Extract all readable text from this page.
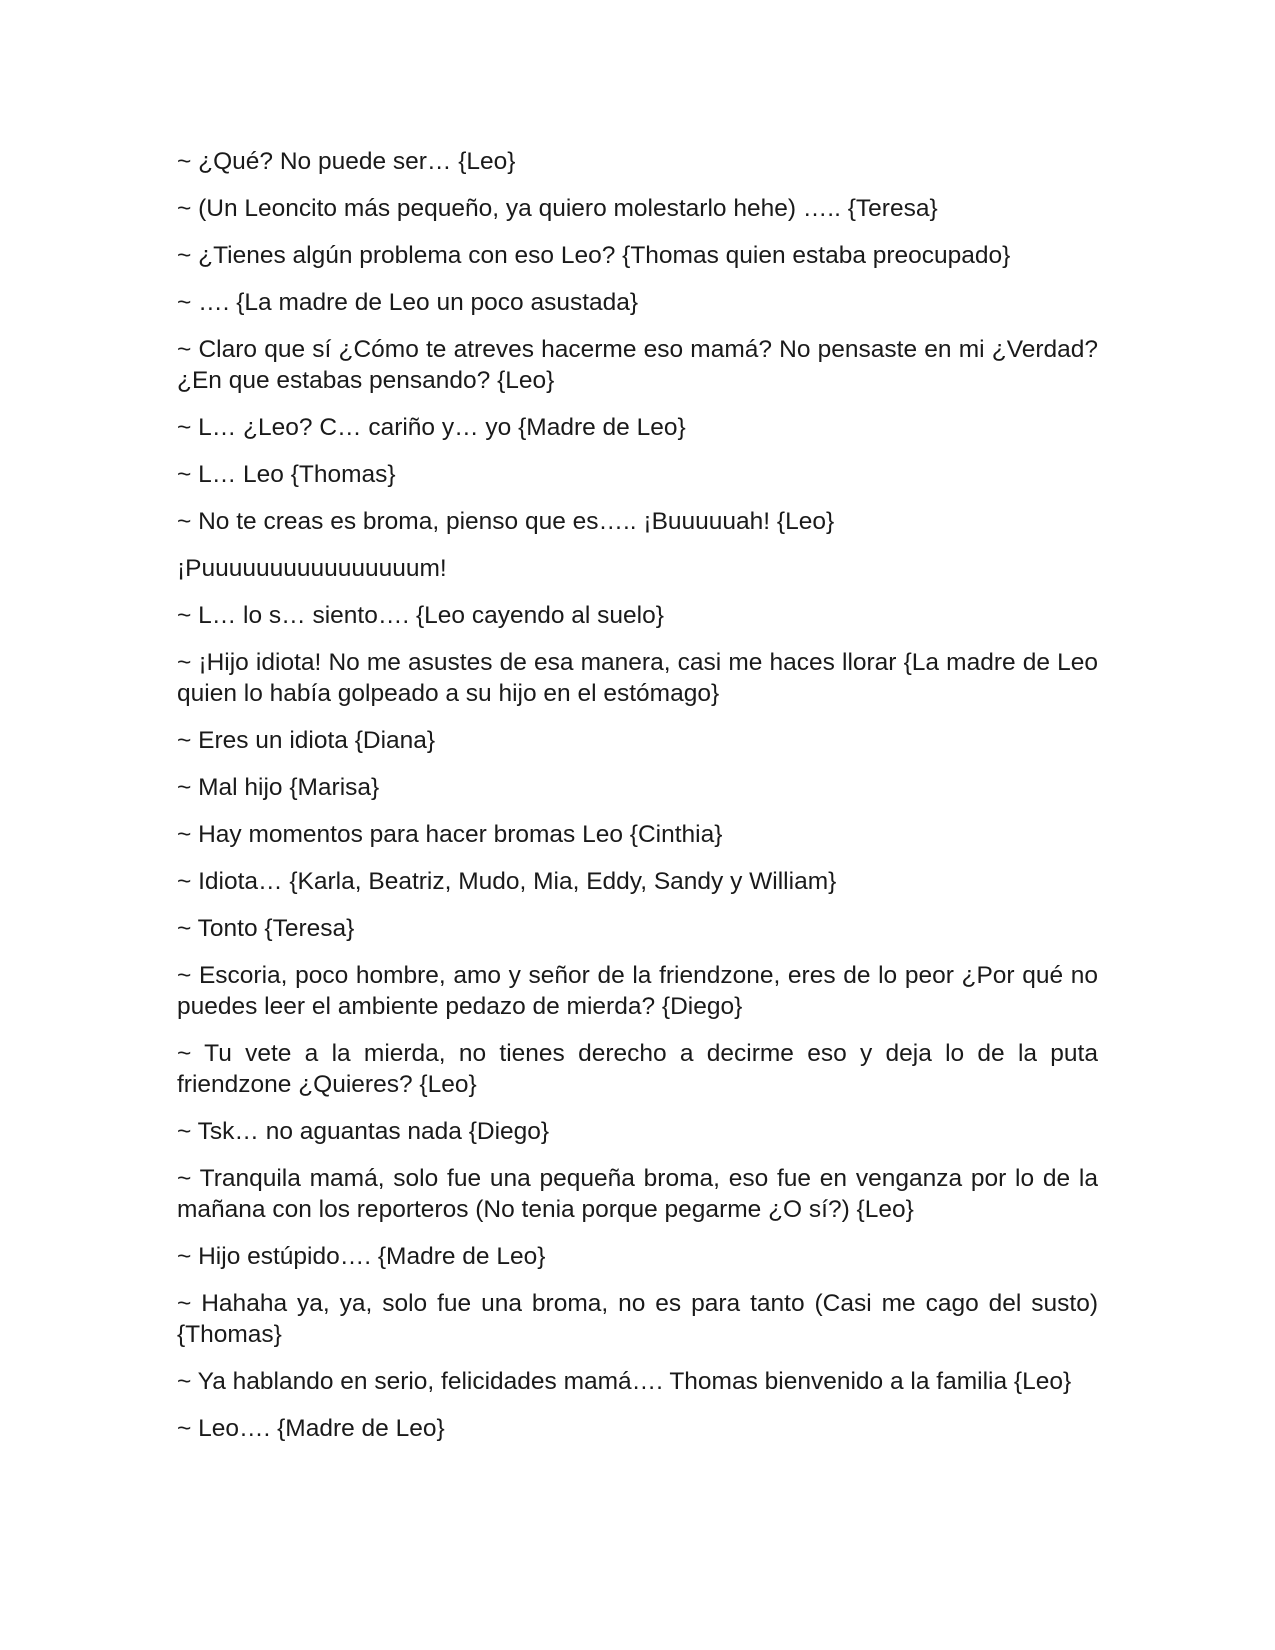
~ ¿Qué? No puede ser… {Leo}

~ (Un Leoncito más pequeño, ya quiero molestarlo hehe) ….. {Teresa}

~ ¿Tienes algún problema con eso Leo? {Thomas quien estaba preocupado}

~ …. {La madre de Leo un poco asustada}

~ Claro que sí ¿Cómo te atreves hacerme eso mamá? No pensaste en mi ¿Verdad? ¿En que estabas pensando? {Leo}

~ L… ¿Leo? C… cariño y… yo {Madre de Leo}

~ L… Leo {Thomas}

~ No te creas es broma, pienso que es….. ¡Buuuuuah! {Leo}

¡Puuuuuuuuuuuuuuuum!

~ L… lo s… siento…. {Leo cayendo al suelo}

~ ¡Hijo idiota! No me asustes de esa manera, casi me haces llorar {La madre de Leo quien lo había golpeado a su hijo en el estómago}

~ Eres un idiota {Diana}

~ Mal hijo {Marisa}

~ Hay momentos para hacer bromas Leo {Cinthia}

~ Idiota… {Karla, Beatriz, Mudo, Mia, Eddy, Sandy y William}

~ Tonto {Teresa}

~ Escoria, poco hombre, amo y señor de la friendzone, eres de lo peor ¿Por qué no puedes leer el ambiente pedazo de mierda? {Diego}

~ Tu vete a la mierda, no tienes derecho a decirme eso y deja lo de la puta friendzone ¿Quieres? {Leo}

~ Tsk… no aguantas nada {Diego}

~ Tranquila mamá, solo fue una pequeña broma, eso fue en venganza por lo de la mañana con los reporteros (No tenia porque pegarme ¿O sí?) {Leo}

~ Hijo estúpido…. {Madre de Leo}

~ Hahaha ya, ya, solo fue una broma, no es para tanto (Casi me cago del susto) {Thomas}

~ Ya hablando en serio, felicidades mamá…. Thomas bienvenido a la familia {Leo}

~ Leo…. {Madre de Leo}
